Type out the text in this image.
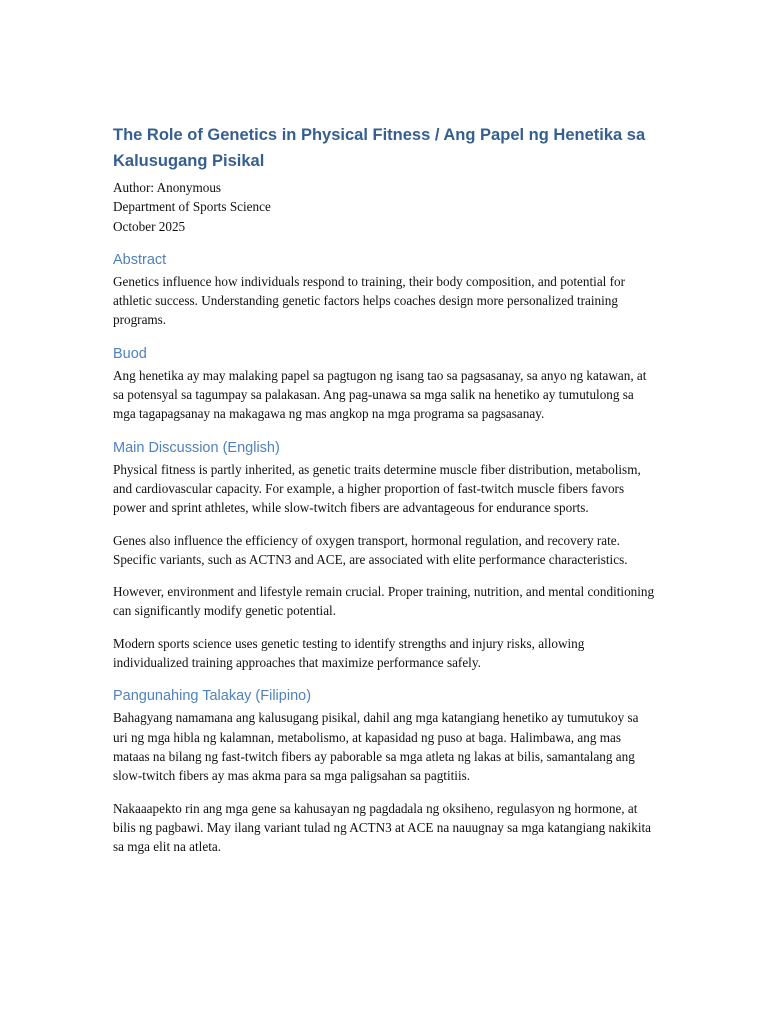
The Role of Genetics in Physical Fitness / Ang Papel ng Henetika sa Kalusugang Pisikal
Author: Anonymous
Department of Sports Science
October 2025
Abstract

Genetics influence how individuals respond to training, their body composition, and potential for athletic success. Understanding genetic factors helps coaches design more personalized training programs.

Buod

Ang henetika ay may malaking papel sa pagtugon ng isang tao sa pagsasanay, sa anyo ng katawan, at sa potensyal sa tagumpay sa palakasan. Ang pag-unawa sa mga salik na henetiko ay tumutulong sa mga tagapagsanay na makagawa ng mas angkop na mga programa sa pagsasanay.

Main Discussion (English)

Physical fitness is partly inherited, as genetic traits determine muscle fiber distribution, metabolism, and cardiovascular capacity. For example, a higher proportion of fast-twitch muscle fibers favors power and sprint athletes, while slow-twitch fibers are advantageous for endurance sports.

Genes also influence the efficiency of oxygen transport, hormonal regulation, and recovery rate. Specific variants, such as ACTN3 and ACE, are associated with elite performance characteristics.

However, environment and lifestyle remain crucial. Proper training, nutrition, and mental conditioning can significantly modify genetic potential.

Modern sports science uses genetic testing to identify strengths and injury risks, allowing individualized training approaches that maximize performance safely.

Pangunahing Talakay (Filipino)

Bahagyang namamana ang kalusugang pisikal, dahil ang mga katangiang henetiko ay tumutukoy sa uri ng mga hibla ng kalamnan, metabolismo, at kapasidad ng puso at baga. Halimbawa, ang mas mataas na bilang ng fast-twitch fibers ay paborable sa mga atleta ng lakas at bilis, samantalang ang slow-twitch fibers ay mas akma para sa mga paligsahan sa pagtitiis.

Nakaaapekto rin ang mga gene sa kahusayan ng pagdadala ng oksiheno, regulasyon ng hormone, at bilis ng pagbawi. May ilang variant tulad ng ACTN3 at ACE na nauugnay sa mga katangiang nakikita sa mga elit na atleta.
